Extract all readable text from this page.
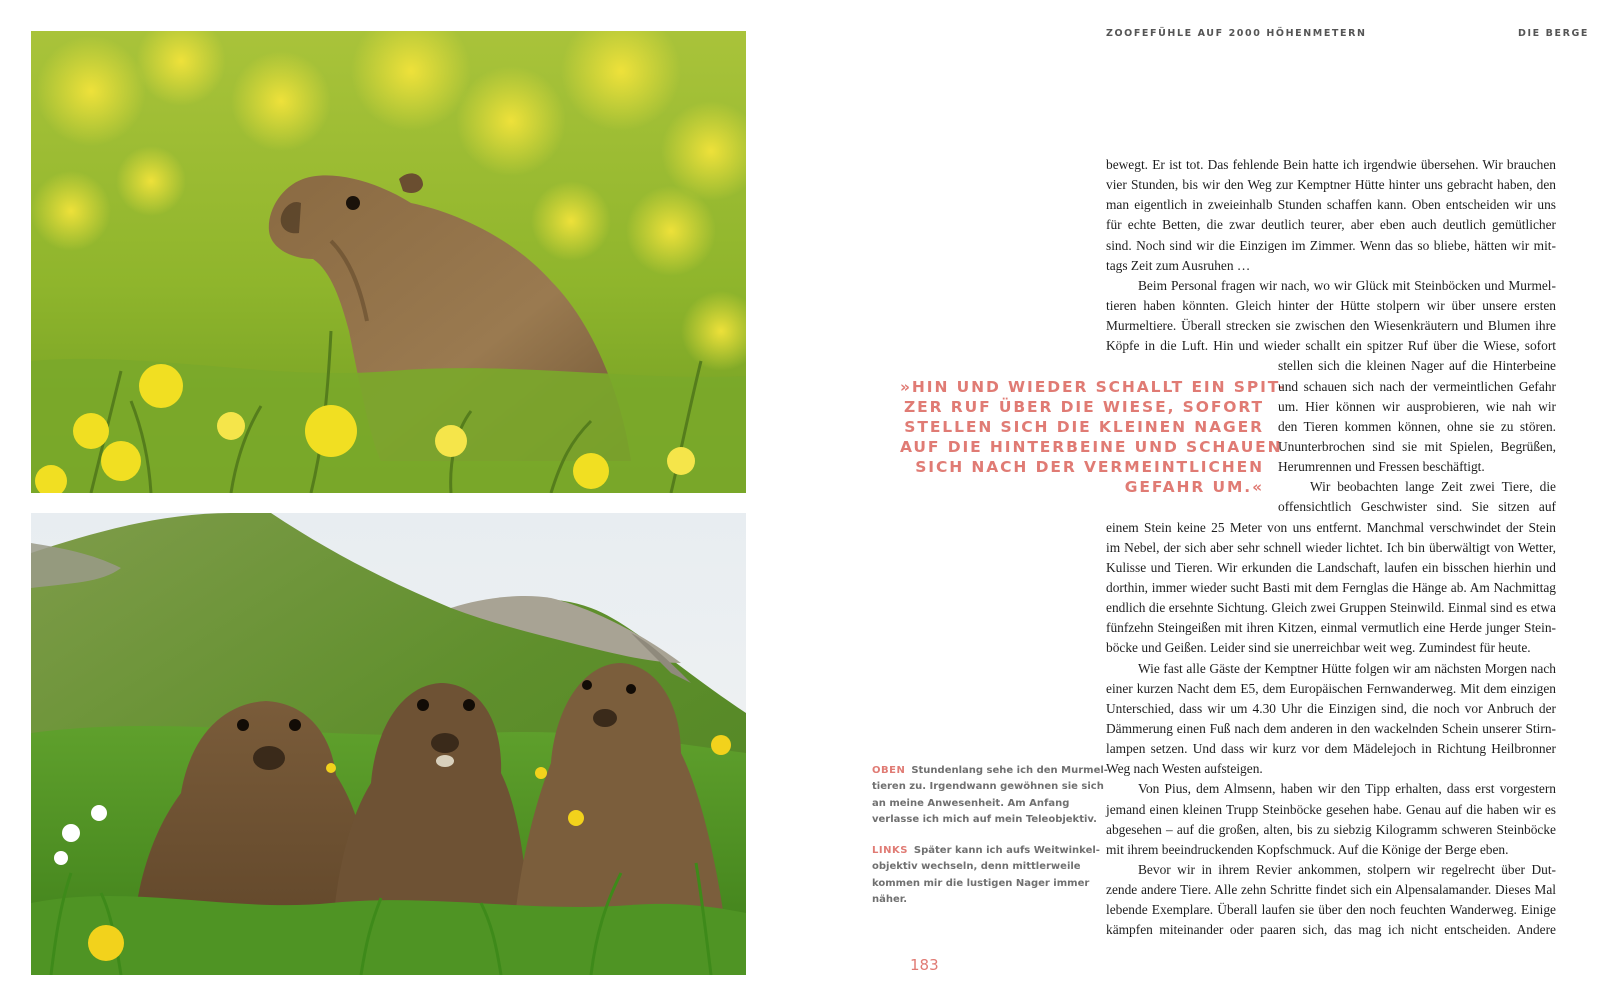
ZOOFEFÜHLE AUF 2000 HÖHENMETERN	DIE BERGE
»HIN UND WIEDER SCHALLT EIN SPIT-
ZER RUF ÜBER DIE WIESE, SOFORT
STELLEN SICH DIE KLEINEN NAGER
AUF DIE HINTERBEINE UND SCHAUEN
SICH NACH DER VERMEINTLICHEN
GEFAHR UM.«
bewegt. Er ist tot. Das fehlende Bein hatte ich irgendwie übersehen. Wir brauchen
vier Stunden, bis wir den Weg zur Kemptner Hütte hinter uns gebracht haben, den
man eigentlich in zweieinhalb Stunden schaffen kann. Oben entscheiden wir uns
für echte Betten, die zwar deutlich teurer, aber eben auch deutlich gemütlicher
sind. Noch sind wir die Einzigen im Zimmer. Wenn das so bliebe, hätten wir mit-
tags Zeit zum Ausruhen …
Beim Personal fragen wir nach, wo wir Glück mit Steinböcken und Murmel-
tieren haben könnten. Gleich hinter der Hütte stolpern wir über unsere ersten
Murmeltiere. Überall strecken sie zwischen den Wiesenkräutern und Blumen ihre
Köpfe in die Luft. Hin und wieder schallt ein spitzer Ruf über die Wiese, sofort
stellen sich die kleinen Nager auf die Hinterbeine
und schauen sich nach der vermeintlichen Gefahr
um. Hier können wir ausprobieren, wie nah wir
den Tieren kommen können, ohne sie zu stören.
Ununterbrochen sind sie mit Spielen, Begrüßen,
Herumrennen und Fressen beschäftigt.
Wir beobachten lange Zeit zwei Tiere, die
offensichtlich Geschwister sind. Sie sitzen auf
einem Stein keine 25 Meter von uns entfernt. Manchmal verschwindet der Stein
im Nebel, der sich aber sehr schnell wieder lichtet. Ich bin überwältigt von Wetter,
Kulisse und Tieren. Wir erkunden die Landschaft, laufen ein bisschen hierhin und
dorthin, immer wieder sucht Basti mit dem Fernglas die Hänge ab. Am Nachmittag
endlich die ersehnte Sichtung. Gleich zwei Gruppen Steinwild. Einmal sind es etwa
fünfzehn Steingeißen mit ihren Kitzen, einmal vermutlich eine Herde junger Stein-
böcke und Geißen. Leider sind sie unerreichbar weit weg. Zumindest für heute.
Wie fast alle Gäste der Kemptner Hütte folgen wir am nächsten Morgen nach
einer kurzen Nacht dem E5, dem Europäischen Fernwanderweg. Mit dem einzigen
Unterschied, dass wir um 4.30 Uhr die Einzigen sind, die noch vor Anbruch der
Dämmerung einen Fuß nach dem anderen in den wackelnden Schein unserer Stirn-
lampen setzen. Und dass wir kurz vor dem Mädelejoch in Richtung Heilbronner
Weg nach Westen aufsteigen.
Von Pius, dem Almsenn, haben wir den Tipp erhalten, dass erst vorgestern
jemand einen kleinen Trupp Steinböcke gesehen habe. Genau auf die haben wir es
abgesehen – auf die großen, alten, bis zu siebzig Kilogramm schweren Steinböcke
mit ihrem beeindruckenden Kopfschmuck. Auf die Könige der Berge eben.
Bevor wir in ihrem Revier ankommen, stolpern wir regelrecht über Dut-
zende andere Tiere. Alle zehn Schritte findet sich ein Alpensalamander. Dieses Mal
lebende Exemplare. Überall laufen sie über den noch feuchten Wanderweg. Einige
kämpfen miteinander oder paaren sich, das mag ich nicht entscheiden. Andere
OBEN Stundenlang sehe ich den Murmel-
tieren zu. Irgendwann gewöhnen sie sich
an meine Anwesenheit. Am Anfang
verlasse ich mich auf mein Teleobjektiv.
LINKS Später kann ich aufs Weitwinkel-
objektiv wechseln, denn mittlerweile
kommen mir die lustigen Nager immer
näher.
183
